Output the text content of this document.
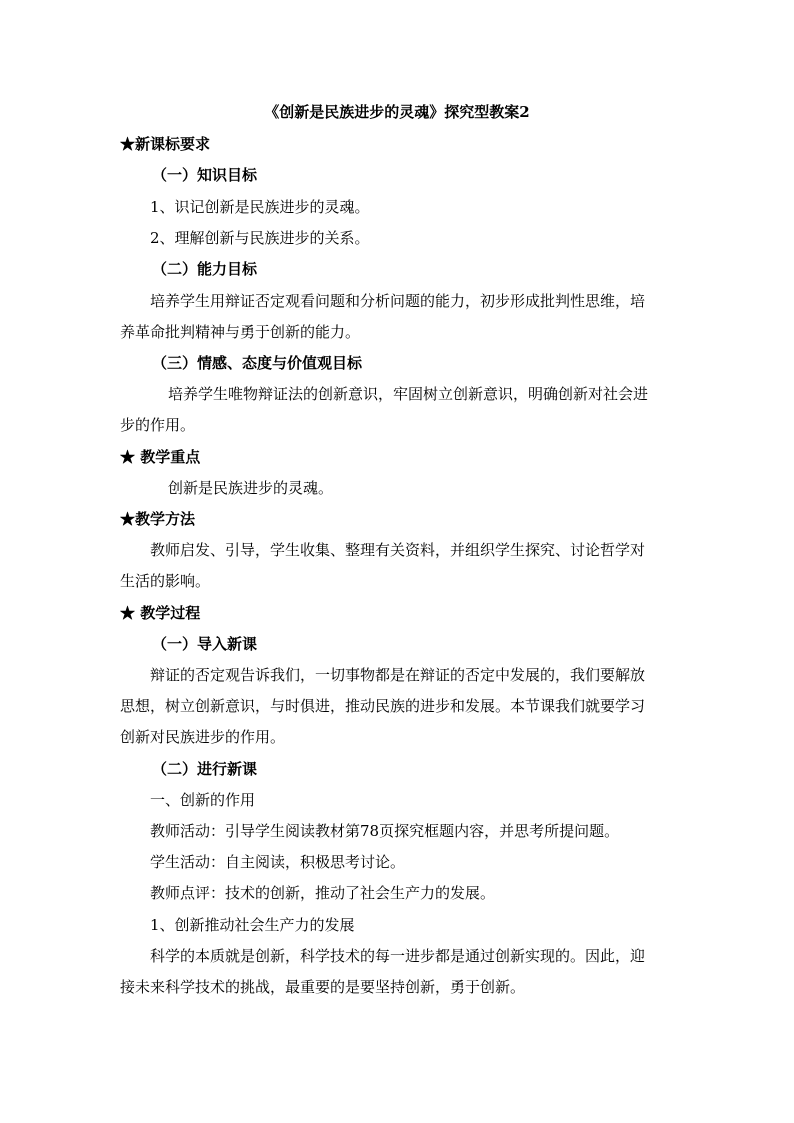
《创新是民族进步的灵魂》探究型教案2
★新课标要求
（一）知识目标
1、识记创新是民族进步的灵魂。
2、理解创新与民族进步的关系。
（二）能力目标
培养学生用辩证否定观看问题和分析问题的能力，初步形成批判性思维，培
养革命批判精神与勇于创新的能力。
（三）情感、态度与价值观目标
培养学生唯物辩证法的创新意识，牢固树立创新意识，明确创新对社会进
步的作用。
★ 教学重点
创新是民族进步的灵魂。
★教学方法
教师启发、引导，学生收集、整理有关资料，并组织学生探究、讨论哲学对
生活的影响。
★ 教学过程
（一）导入新课
辩证的否定观告诉我们，一切事物都是在辩证的否定中发展的，我们要解放
思想，树立创新意识，与时俱进，推动民族的进步和发展。本节课我们就要学习
创新对民族进步的作用。
（二）进行新课
一、创新的作用
教师活动：引导学生阅读教材第78页探究框题内容，并思考所提问题。
学生活动：自主阅读，积极思考讨论。
教师点评：技术的创新，推动了社会生产力的发展。
1、创新推动社会生产力的发展
科学的本质就是创新，科学技术的每一进步都是通过创新实现的。因此，迎
接未来科学技术的挑战，最重要的是要坚持创新，勇于创新。
